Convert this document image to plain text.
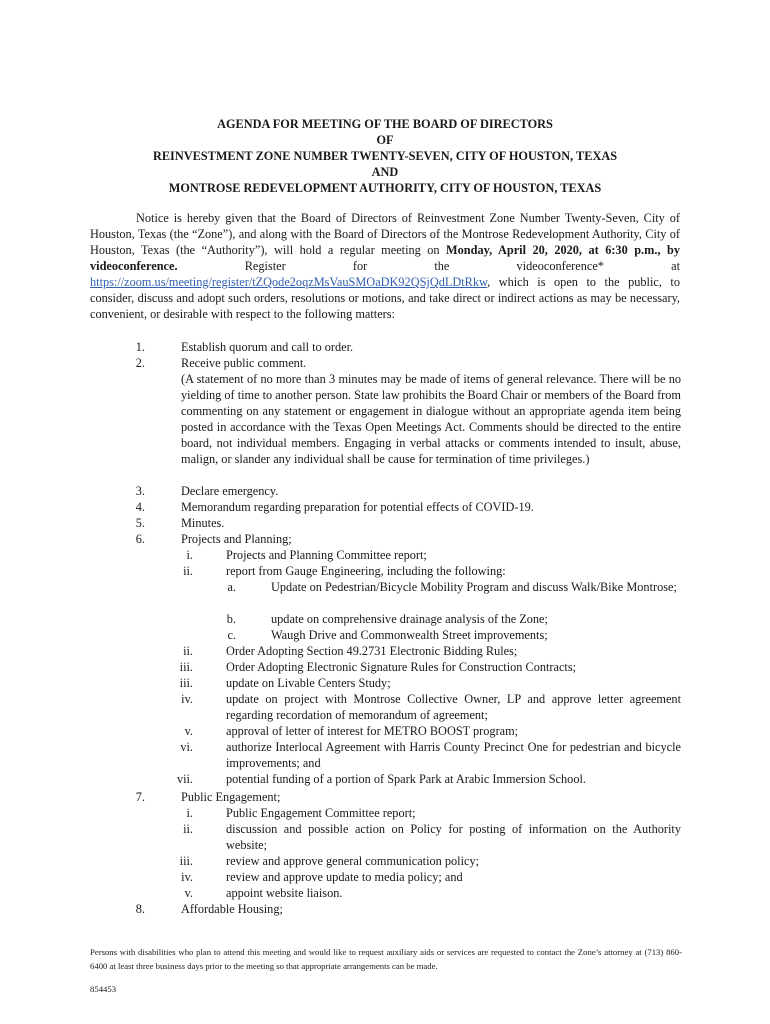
AGENDA FOR MEETING OF THE BOARD OF DIRECTORS
OF
REINVESTMENT ZONE NUMBER TWENTY-SEVEN, CITY OF HOUSTON, TEXAS
AND
MONTROSE REDEVELOPMENT AUTHORITY, CITY OF HOUSTON, TEXAS

Notice is hereby given that the Board of Directors of Reinvestment Zone Number Twenty-Seven, City of Houston, Texas (the “Zone”), and along with the Board of Directors of the Montrose Redevelopment Authority, City of Houston, Texas (the “Authority”), will hold a regular meeting on Monday, April 20, 2020, at 6:30 p.m., by videoconference. Register for the videoconference* at https://zoom.us/meeting/register/tZQode2oqzMsVauSMOaDK92QSjQdLDtRkw, which is open to the public, to consider, discuss and adopt such orders, resolutions or motions, and take direct or indirect actions as may be necessary, convenient, or desirable with respect to the following matters:

1.	Establish quorum and call to order.
2.	Receive public comment.
(A statement of no more than 3 minutes may be made of items of general relevance. There will be no yielding of time to another person. State law prohibits the Board Chair or members of the Board from commenting on any statement or engagement in dialogue without an appropriate agenda item being posted in accordance with the Texas Open Meetings Act. Comments should be directed to the entire board, not individual members. Engaging in verbal attacks or comments intended to insult, abuse, malign, or slander any individual shall be cause for termination of time privileges.)
3.	Declare emergency.
4.	Memorandum regarding preparation for potential effects of COVID-19.
5.	Minutes.
6.	Projects and Planning;
i.	Projects and Planning Committee report;
ii.	report from Gauge Engineering, including the following:
a.	Update on Pedestrian/Bicycle Mobility Program and discuss Walk/Bike Montrose;
b.	update on comprehensive drainage analysis of the Zone;
c.	Waugh Drive and Commonwealth Street improvements;
ii.	Order Adopting Section 49.2731 Electronic Bidding Rules;
iii.	Order Adopting Electronic Signature Rules for Construction Contracts;
iii.	update on Livable Centers Study;
iv.	update on project with Montrose Collective Owner, LP and approve letter agreement regarding recordation of memorandum of agreement;
v.	approval of letter of interest for METRO BOOST program;
vi.	authorize Interlocal Agreement with Harris County Precinct One for pedestrian and bicycle improvements; and
vii.	potential funding of a portion of Spark Park at Arabic Immersion School.
7.	Public Engagement;
i.	Public Engagement Committee report;
ii.	discussion and possible action on Policy for posting of information on the Authority website;
iii.	review and approve general communication policy;
iv.	review and approve update to media policy; and
v.	appoint website liaison.
8.	Affordable Housing;
Persons with disabilities who plan to attend this meeting and would like to request auxiliary aids or services are requested to contact the Zone’s attorney at (713) 860-6400 at least three business days prior to the meeting so that appropriate arrangements can be made.
854453
